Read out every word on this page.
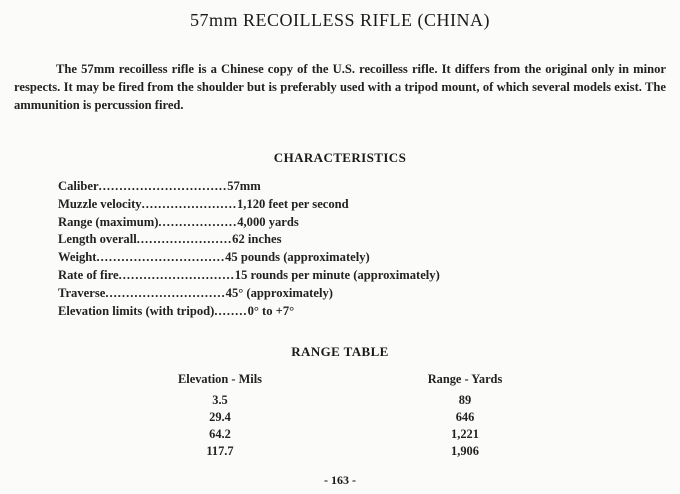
57mm RECOILLESS RIFLE (CHINA)
The 57mm recoilless rifle is a Chinese copy of the U.S. recoilless rifle. It differs from the original only in minor respects. It may be fired from the shoulder but is preferably used with a tripod mount, of which several models exist. The ammunition is percussion fired.
CHARACTERISTICS
Caliber ............................... 57mm
Muzzle velocity ....................... 1,120 feet per second
Range (maximum) ................... 4,000 yards
Length overall ....................... 62 inches
Weight ............................... 45 pounds (approximately)
Rate of fire ............................ 15 rounds per minute (approximately)
Traverse ............................. 45° (approximately)
Elevation limits (with tripod) ........ 0° to +7°
RANGE TABLE
Elevation - Mils
3.5
29.4
64.2
117.7
Range - Yards
89
646
1,221
1,906
- 163 -
